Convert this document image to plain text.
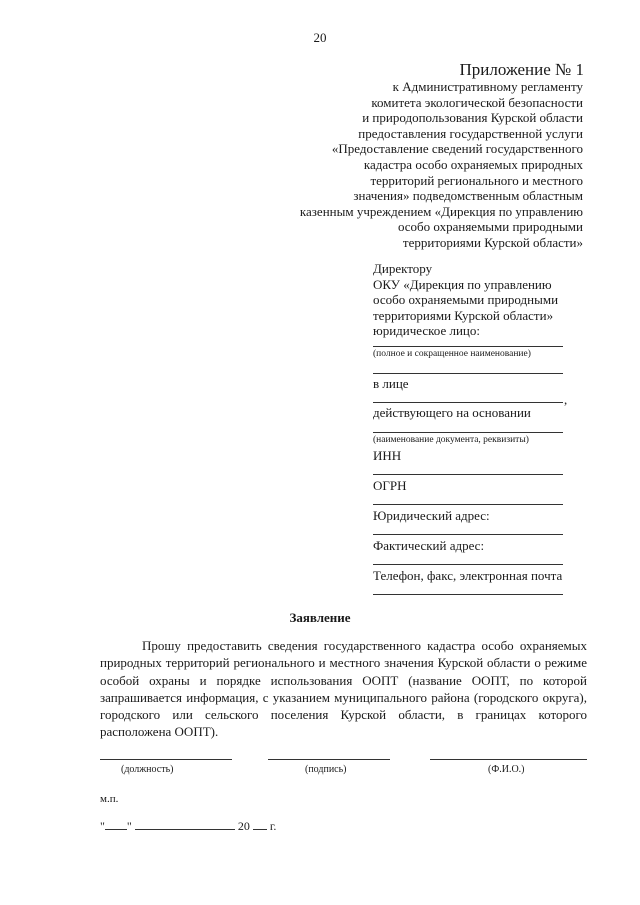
20
Приложение № 1
к Административному регламенту
комитета экологической безопасности
и природопользования Курской области
предоставления государственной услуги
«Предоставление сведений государственного
кадастра особо охраняемых природных
территорий регионального и местного
значения» подведомственным областным
казенным учреждением «Дирекция по управлению
особо охраняемыми природными
территориями Курской области»
Директору
ОКУ «Дирекция по управлению
особо охраняемыми природными
территориями Курской области»
юридическое лицо:
(полное и сокращенное наименование)
в лице
,
действующего на основании
(наименование документа, реквизиты)
ИНН
ОГРН
Юридический адрес:
Фактический адрес:
Телефон, факс, электронная почта
Заявление
Прошу предоставить сведения государственного кадастра особо охраняемых природных территорий регионального и местного значения Курской области о режиме особой охраны и порядке использования ООПТ (название ООПТ, по которой запрашивается информация, с указанием муниципального района (городского округа), городского или сельского поселения Курской области, в границах которого расположена ООПТ).
(должность)	(подпись)	(Ф.И.О.)
м.п.
" "	20 г.
